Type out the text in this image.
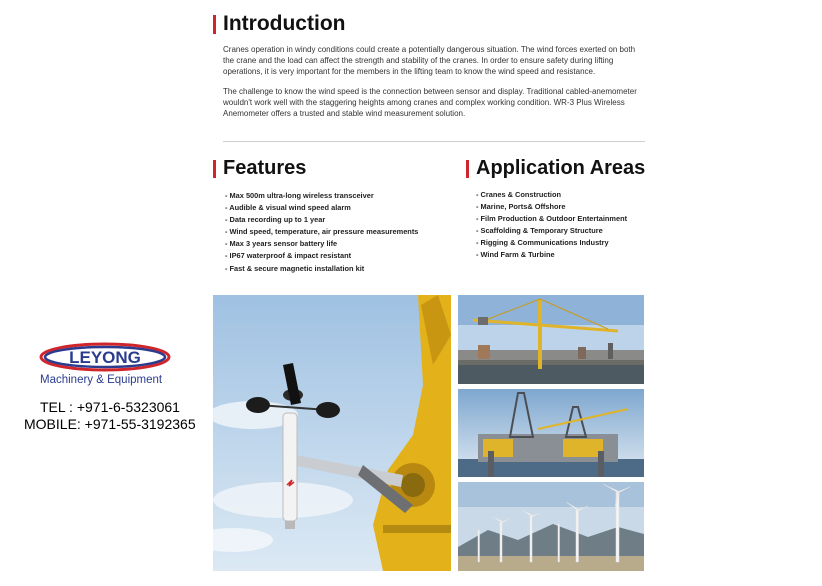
Introduction

Cranes operation in windy conditions could create a potentially dangerous situation. The wind forces exerted on both the crane and the load can affect the strength and stability of the cranes. In order to ensure safety during lifting operations, it is very important for the members in the lifting team to know the wind speed and resistance.

The challenge to know the wind speed is the connection between sensor and display. Traditional cabled-anemometer wouldn't work well with the staggering heights among cranes and complex working condition. WR-3 Plus Wireless Anemometer offers a trusted and stable wind measurement solution.

Features
- Max 500m ultra-long wireless transceiver
- Audible & visual wind speed alarm
- Data recording up to 1 year
- Wind speed, temperature, air pressure measurements
- Max 3 years sensor battery life
- IP67 waterproof & impact resistant
- Fast & secure magnetic installation kit
Application Areas
- Cranes & Construction
- Marine, Ports& Offshore
- Film Production & Outdoor Entertainment
- Scaffolding & Temporary Structure
- Rigging & Communications Industry
- Wind Farm & Turbine
LEYONG
Machinery & Equipment
TEL : +971-6-5323061
MOBILE: +971-55-3192365
